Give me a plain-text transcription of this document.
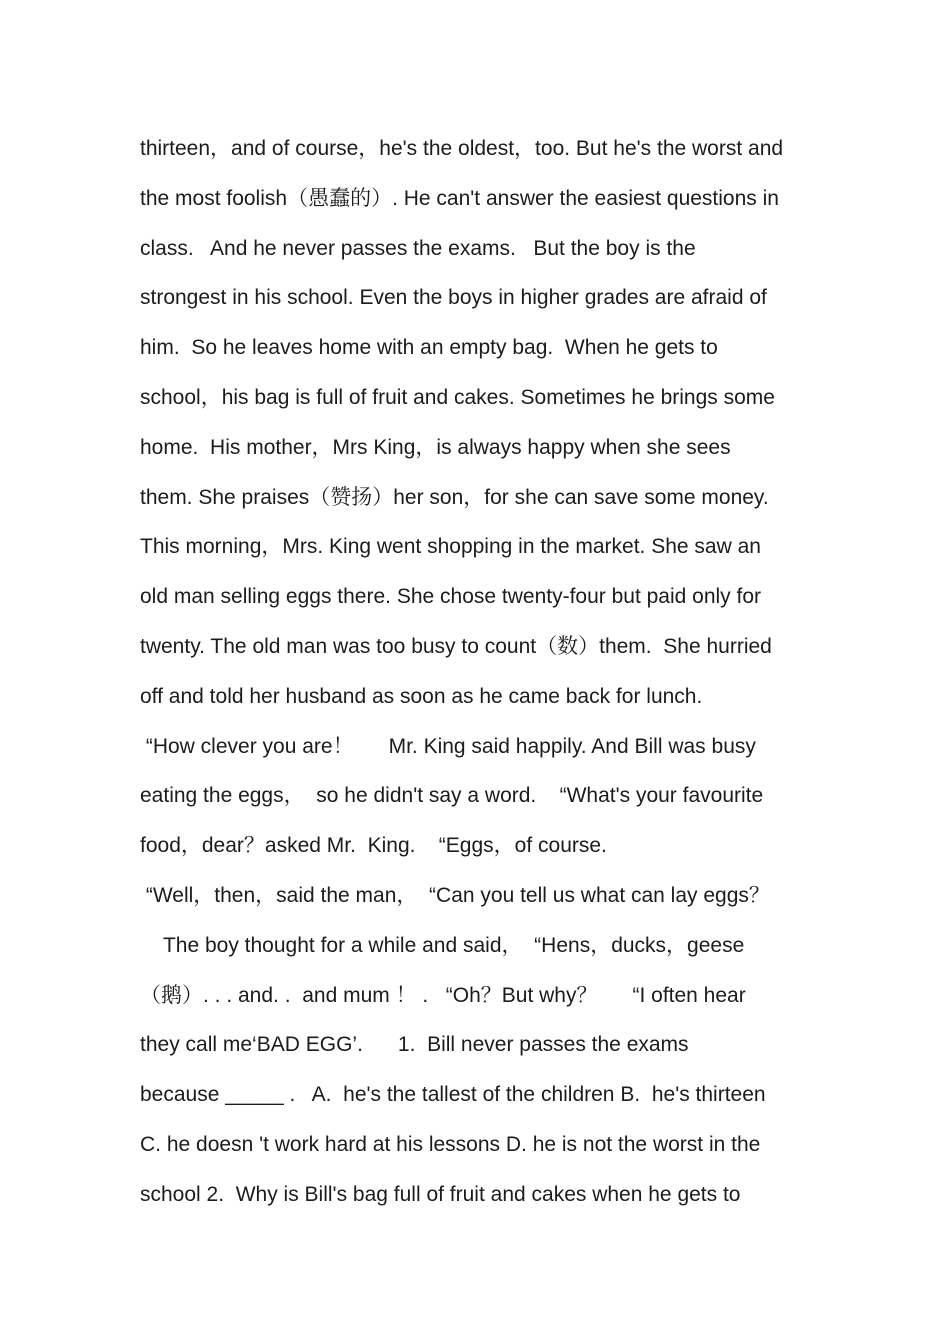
thirteen，and of course，he's the oldest，too. But he's the worst and
the most foolish（愚蠢的）. He can't answer the easiest questions in
class.   And he never passes the exams.   But the boy is the
strongest in his school. Even the boys in higher grades are afraid of
him.  So he leaves home with an empty bag.  When he gets to
school，his bag is full of fruit and cakes. Sometimes he brings some
home.  His mother，Mrs King，is always happy when she sees
them. She praises（赞扬）her son，for she can save some money.
This morning，Mrs. King went shopping in the market. She saw an
old man selling eggs there. She chose twenty-four but paid only for
twenty. The old man was too busy to count（数）them.  She hurried
off and told her husband as soon as he came back for lunch.
“How clever you are！      Mr. King said happily. And Bill was busy
eating the eggs，  so he didn't say a word.    “What's your favourite
food，dear？asked Mr.  King.    “Eggs，of course.
“Well，then，said the man，  “Can you tell us what can lay eggs？
The boy thought for a while and said，  “Hens，ducks，geese
（鹅）. . . and. .  and mum ！ .   “Oh？But why？      “I often hear
they call me‘BAD EGG’.      1.  Bill never passes the exams
because _____ .   A.  he's the tallest of the children B.  he's thirteen
C. he doesn 't work hard at his lessons D. he is not the worst in the
school 2.  Why is Bill's bag full of fruit and cakes when he gets to
